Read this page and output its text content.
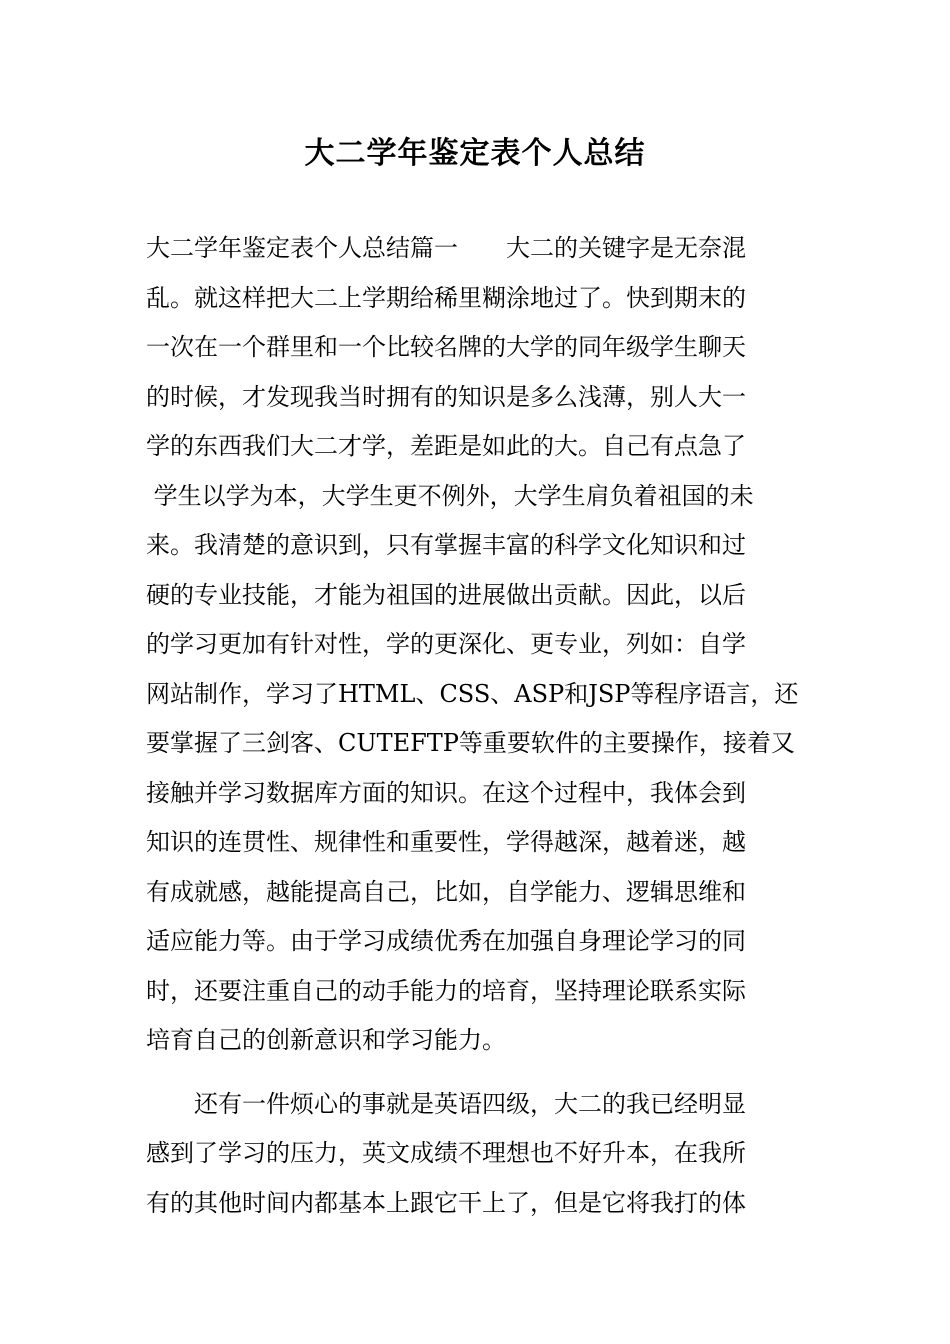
大二学年鉴定表个人总结
大二学年鉴定表个人总结篇一　　大二的关键字是无奈混
乱。就这样把大二上学期给稀里糊涂地过了。快到期末的
一次在一个群里和一个比较名牌的大学的同年级学生聊天
的时候，才发现我当时拥有的知识是多么浅薄，别人大一
学的东西我们大二才学，差距是如此的大。自己有点急了
学生以学为本，大学生更不例外，大学生肩负着祖国的未
来。我清楚的意识到，只有掌握丰富的科学文化知识和过
硬的专业技能，才能为祖国的进展做出贡献。因此，以后
的学习更加有针对性，学的更深化、更专业，列如：自学
网站制作，学习了HTML、CSS、ASP和JSP等程序语言，还
要掌握了三剑客、CUTEFTP等重要软件的主要操作，接着又
接触并学习数据库方面的知识。在这个过程中，我体会到
知识的连贯性、规律性和重要性，学得越深，越着迷，越
有成就感，越能提高自己，比如，自学能力、逻辑思维和
适应能力等。由于学习成绩优秀在加强自身理论学习的同
时，还要注重自己的动手能力的培育，坚持理论联系实际
培育自己的创新意识和学习能力。
　　还有一件烦心的事就是英语四级，大二的我已经明显
感到了学习的压力，英文成绩不理想也不好升本，在我所
有的其他时间内都基本上跟它干上了，但是它将我打的体
